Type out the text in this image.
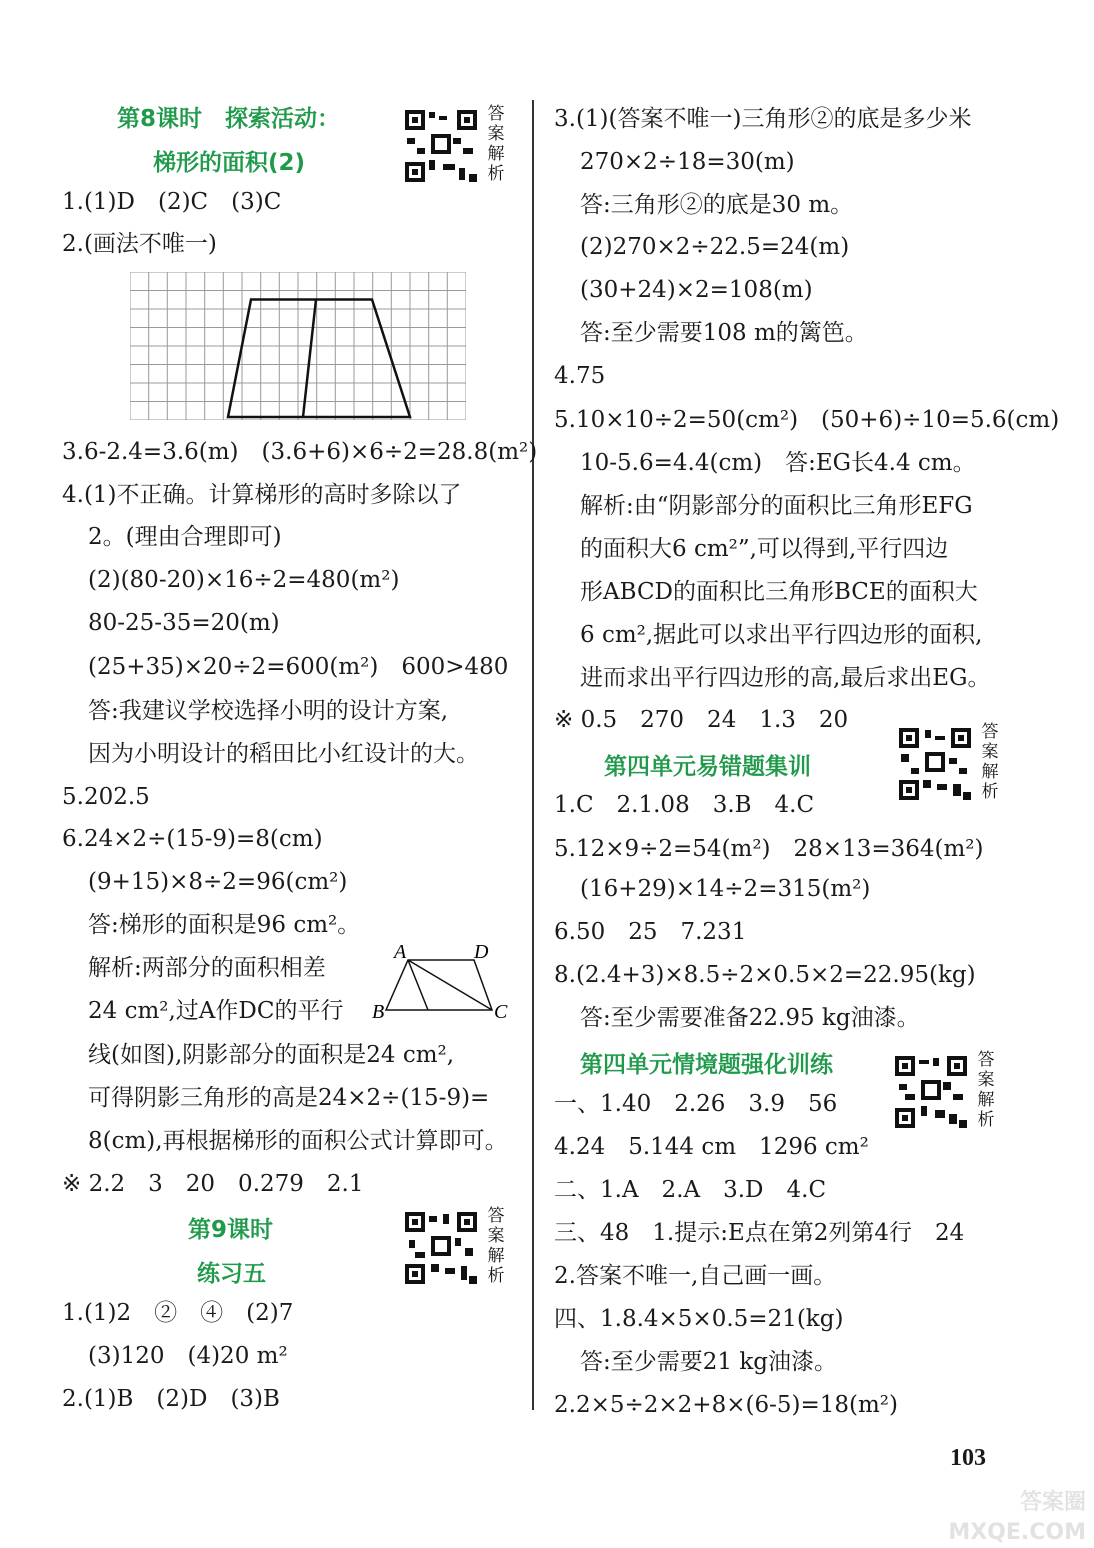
第8课时　探索活动：
梯形的面积(2)
答
案
解
析
1.(1)D　(2)C　(3)C
2.(画法不唯一)
3.6-2.4=3.6(m)　(3.6+6)×6÷2=28.8(m²)
4.(1)不正确。计算梯形的高时多除以了
2。(理由合理即可)
(2)(80-20)×16÷2=480(m²)
80-25-35=20(m)
(25+35)×20÷2=600(m²)　600>480
答:我建议学校选择小明的设计方案,
因为小明设计的稻田比小红设计的大。
5.202.5
6.24×2÷(15-9)=8(cm)
(9+15)×8÷2=96(cm²)
答:梯形的面积是96 cm²。
解析:两部分的面积相差
24 cm²,过A作DC的平行
A	D
B	C
线(如图),阴影部分的面积是24 cm²,
可得阴影三角形的高是24×2÷(15-9)=
8(cm),再根据梯形的面积公式计算即可。
※ 2.2　3　20　0.279　2.1
第9课时
练习五
答
案
解
析
1.(1)2　②　④　(2)7
(3)120　(4)20 m²
2.(1)B　(2)D　(3)B
3.(1)(答案不唯一)三角形②的底是多少米
270×2÷18=30(m)
答:三角形②的底是30 m。
(2)270×2÷22.5=24(m)
(30+24)×2=108(m)
答:至少需要108 m的篱笆。
4.75
5.10×10÷2=50(cm²)　(50+6)÷10=5.6(cm)
10-5.6=4.4(cm)　答:EG长4.4 cm。
解析:由“阴影部分的面积比三角形EFG
的面积大6 cm²”,可以得到,平行四边
形ABCD的面积比三角形BCE的面积大
6 cm²,据此可以求出平行四边形的面积,
进而求出平行四边形的高,最后求出EG。
※ 0.5　270　24　1.3　20
第四单元易错题集训
答
案
解
析
1.C　2.1.08　3.B　4.C
5.12×9÷2=54(m²)　28×13=364(m²)
(16+29)×14÷2=315(m²)
6.50　25　7.231
8.(2.4+3)×8.5÷2×0.5×2=22.95(kg)
答:至少需要准备22.95 kg油漆。
第四单元情境题强化训练	答
案
解
析
一、1.40　2.26　3.9　56
4.24　5.144 cm　1296 cm²
二、1.A　2.A　3.D　4.C
三、48　1.提示:E点在第2列第4行　24
2.答案不唯一,自己画一画。
四、1.8.4×5×0.5=21(kg)
答:至少需要21 kg油漆。
2.2×5÷2×2+8×(6-5)=18(m²)
103
答案圈 MXQE.COM
